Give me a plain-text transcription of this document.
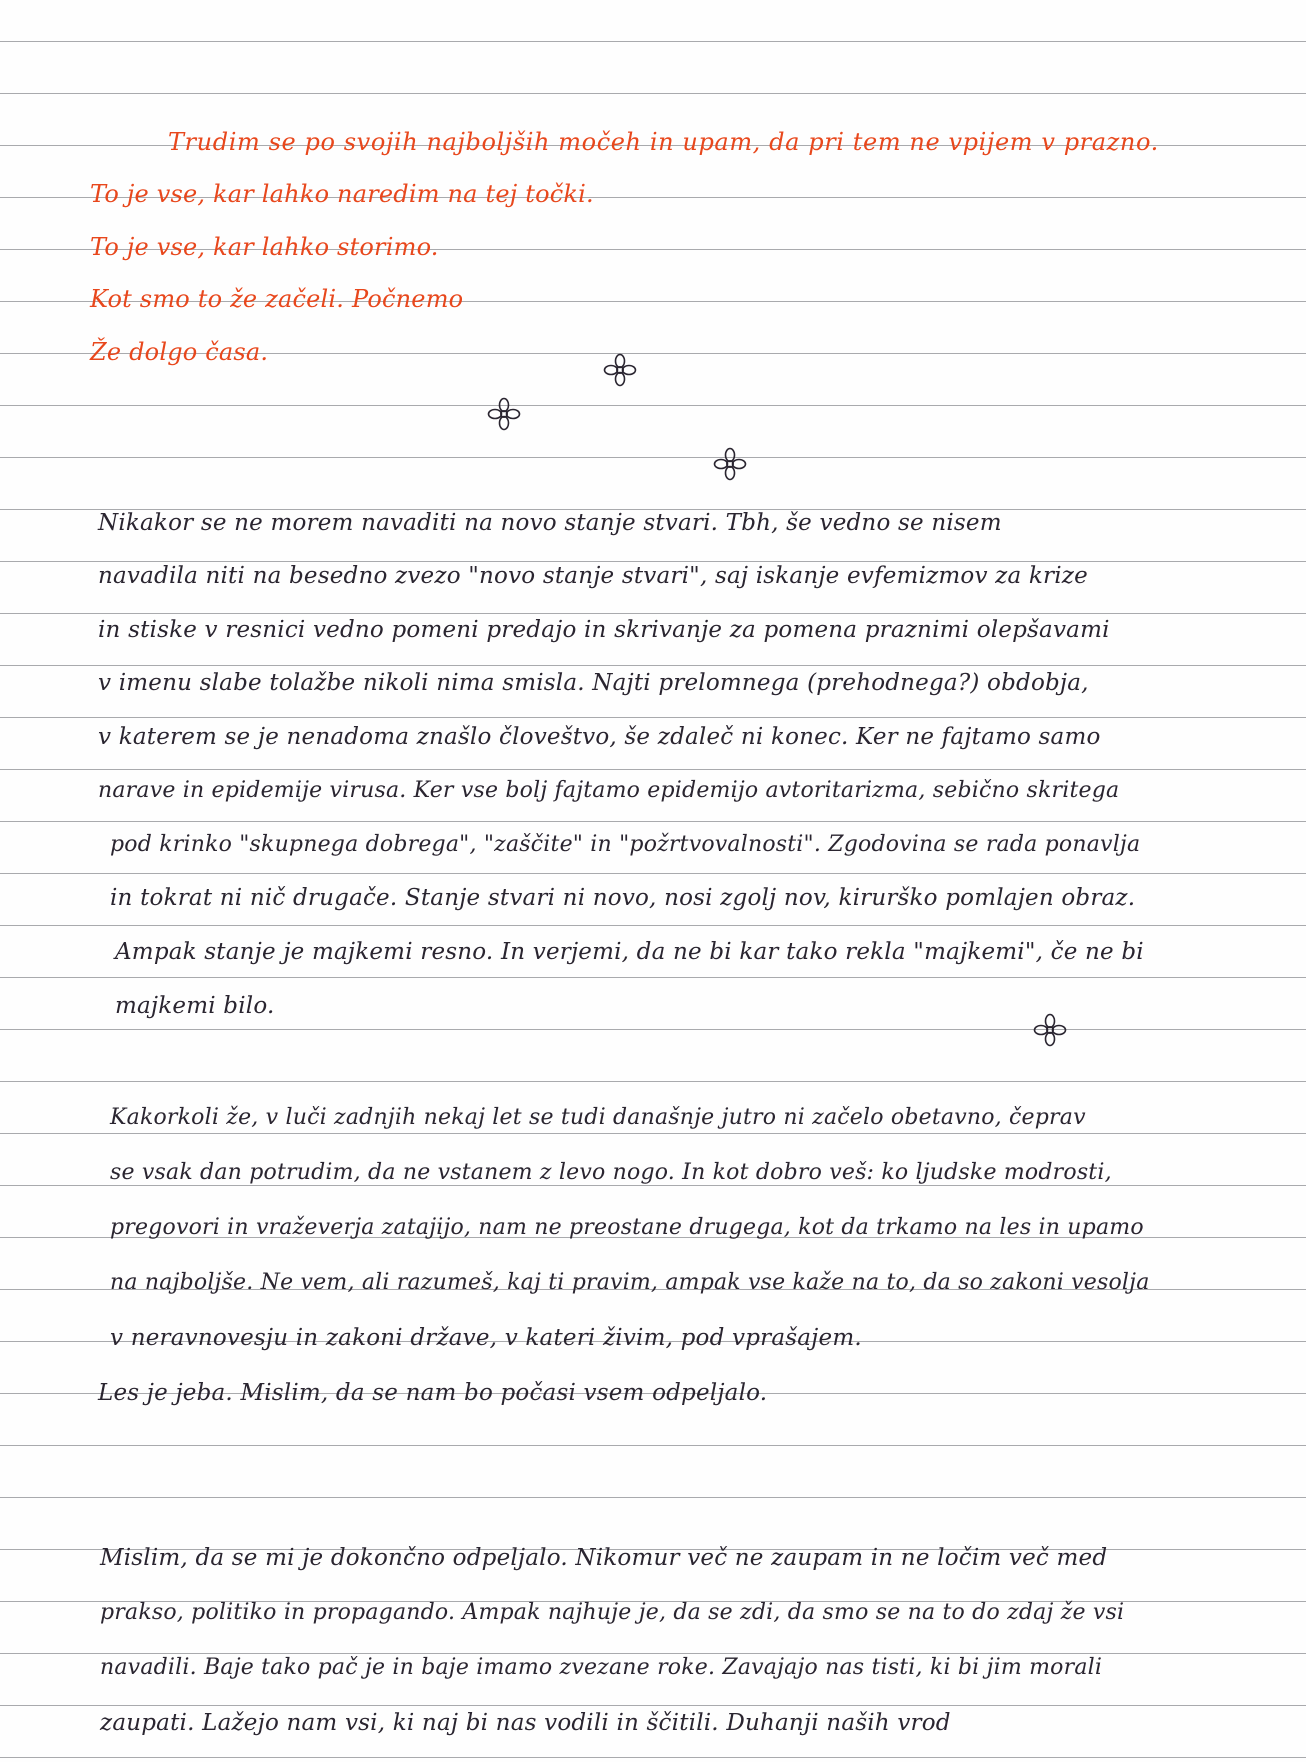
Trudim se po svojih najboljših močeh in upam, da pri tem ne vpijem v prazno.
To je vse, kar lahko naredim na tej točki.
To je vse, kar lahko storimo.
Kot smo to že začeli. Počnemo
Že dolgo časa.
Nikakor se ne morem navaditi na novo stanje stvari. Tbh, še vedno se nisem
navadila niti na besedno zvezo "novo stanje stvari", saj iskanje evfemizmov za krize
in stiske v resnici vedno pomeni predajo in skrivanje za pomena praznimi olepšavami
v imenu slabe tolažbe nikoli nima smisla. Najti prelomnega (prehodnega?) obdobja,
v katerem se je nenadoma znašlo človeštvo, še zdaleč ni konec. Ker ne fajtamo samo
narave in epidemije virusa. Ker vse bolj fajtamo epidemijo avtoritarizma, sebično skritega
pod krinko "skupnega dobrega", "zaščite" in "požrtvovalnosti". Zgodovina se rada ponavlja
in tokrat ni nič drugače. Stanje stvari ni novo, nosi zgolj nov, kirurško pomlajen obraz.
Ampak stanje je majkemi resno. In verjemi, da ne bi kar tako rekla "majkemi", če ne bi
majkemi bilo.
Kakorkoli že, v luči zadnjih nekaj let se tudi današnje jutro ni začelo obetavno, čeprav
se vsak dan potrudim, da ne vstanem z levo nogo. In kot dobro veš: ko ljudske modrosti,
pregovori in vraževerja zatajijo, nam ne preostane drugega, kot da trkamo na les in upamo
na najboljše. Ne vem, ali razumeš, kaj ti pravim, ampak vse kaže na to, da so zakoni vesolja
v neravnovesju in zakoni države, v kateri živim, pod vprašajem.
Les je jeba. Mislim, da se nam bo počasi vsem odpeljalo.
Mislim, da se mi je dokončno odpeljalo. Nikomur več ne zaupam in ne ločim več med
prakso, politiko in propagando. Ampak najhuje je, da se zdi, da smo se na to do zdaj že vsi
navadili. Baje tako pač je in baje imamo zvezane roke. Zavajajo nas tisti, ki bi jim morali
zaupati. Lažejo nam vsi, ki naj bi nas vodili in ščitili. Duhanji naših vrod
